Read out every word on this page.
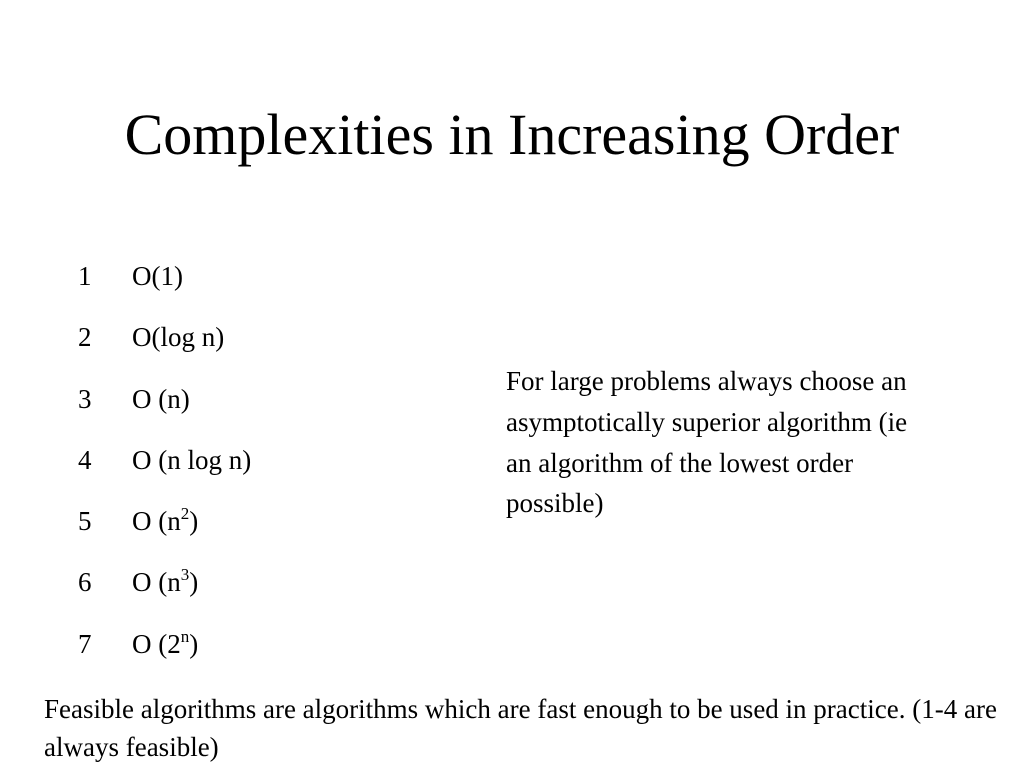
Complexities in Increasing Order
1	O(1)
2	O(log n)
3	O (n)
4	O (n log n)
5	O $(n^2)$
6	O $(n^3)$
7	O (2$^n$)

For large problems always choose an asymptotically superior algorithm (ie an algorithm of the lowest order possible)

Feasible algorithms are algorithms which are fast enough to be used in practice. (1-4 are always feasible)
